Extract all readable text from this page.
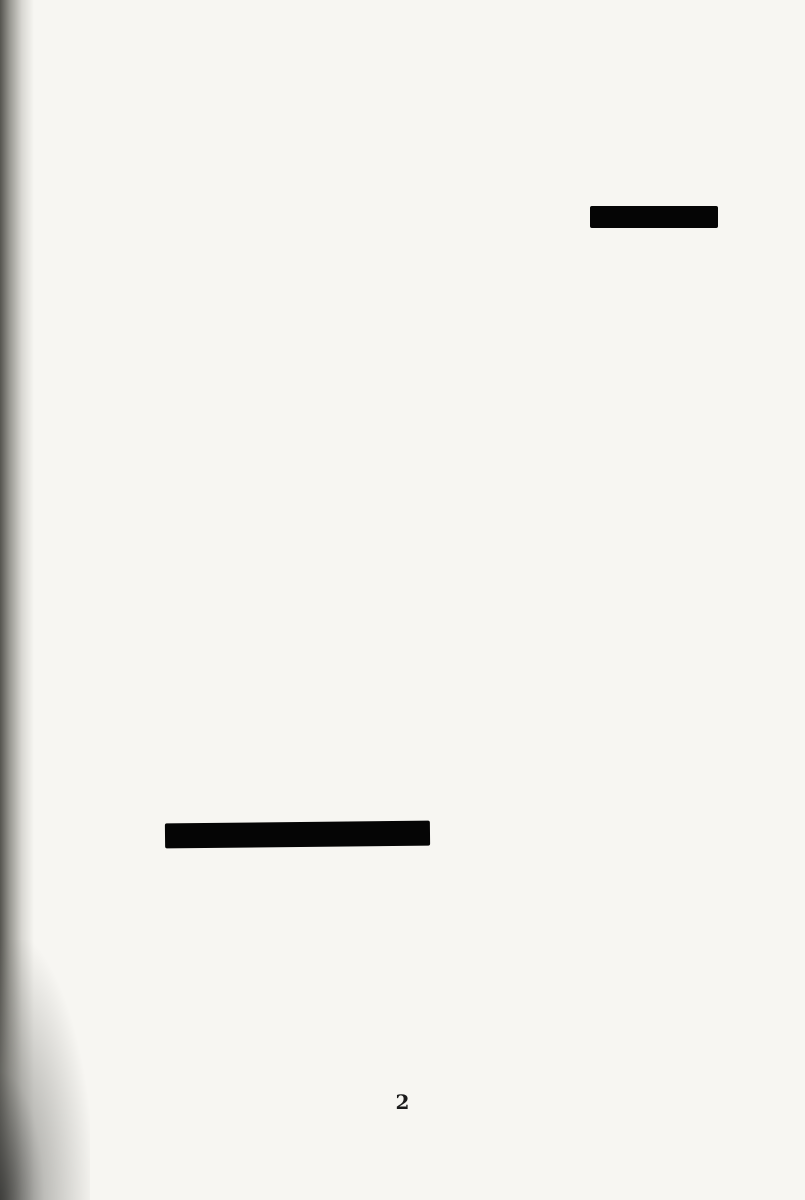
2
